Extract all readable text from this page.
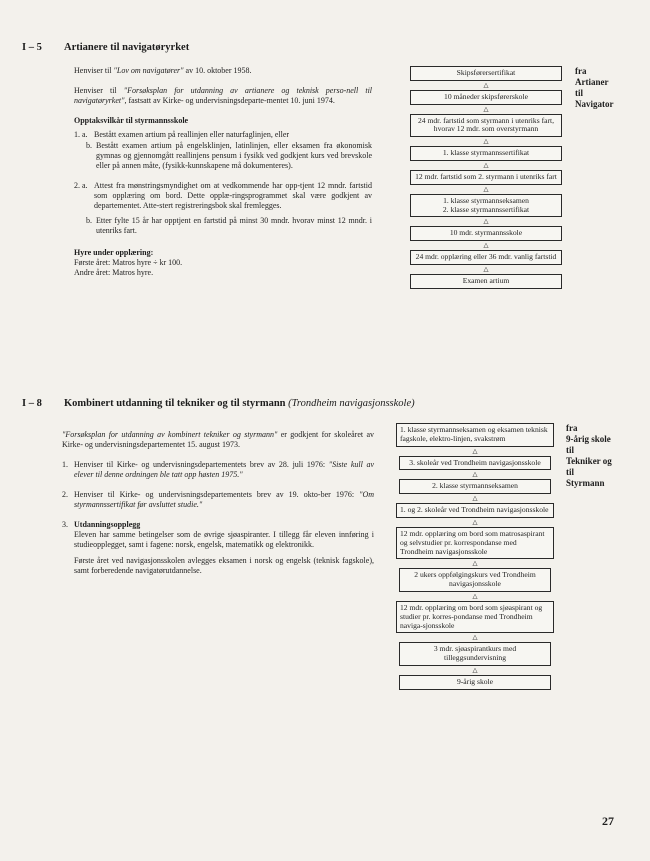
I – 5 Artianere til navigatøryrket

Henviser til "Lov om navigatører" av 10. oktober 1958.

Henviser til "Forsøksplan for utdanning av artianere og teknisk perso-nell til navigatøryrket", fastsatt av Kirke- og undervisningsdeparte-mentet 10. juni 1974.

Opptaksvilkår til styrmannsskole

1. a. Bestått examen artium på reallinjen eller naturfaglinjen, eller
b. Bestått examen artium på engelsklinjen, latinlinjen, eller eksamen fra økonomisk gymnas og gjennomgått reallinjens pensum i fysikk ved godkjent kurs ved brevskole eller på annen måte, (fysikk-kunnskapene må dokumenteres).
2. a. Attest fra mønstringsmyndighet om at vedkommende har opp-tjent 12 mndr. fartstid som opplæring om bord. Dette opplæ-ringsprogrammet skal være godkjent av departementet. Atte-stert registreringsbok skal fremlegges.
b. Etter fylte 15 år har opptjent en fartstid på minst 30 mndr. hvorav minst 12 mndr. i utenriks fart.

Hyre under opplæring:

Første året: Matros hyre ÷ kr 100.

Andre året: Matros hyre.

Skipsførersertifikat
△
10 måneder skipsførerskole
△
24 mdr. fartstid som styrmann i utenriks fart, hvorav 12 mdr. som overstyrmann
△
1. klasse styrmannssertifikat
△
12 mdr. fartstid som 2. styrmann i utenriks fart
△
1. klasse styrmannseksamen
2. klasse styrmannssertifikat
△
10 mdr. styrmannsskole
△
24 mdr. opplæring eller 36 mdr. vanlig fartstid
△
Examen artium
fra
Artianer
til
Navigator
I – 8 Kombinert utdanning til tekniker og til styrmann (Trondheim navigasjonsskole)

"Forsøksplan for utdanning av kombinert tekniker og styrmann" er godkjent for skoleåret av Kirke- og undervisningsdepartementet 15. august 1973.

1. Henviser til Kirke- og undervisningsdepartementets brev av 28. juli 1976: "Siste kull av elever til denne ordningen ble tatt opp høsten 1975."
2. Henviser til Kirke- og undervisningsdepartementets brev av 19. okto-ber 1976: "Om styrmannssertifikat før avsluttet studie."
3. Utdanningsopplegg
Eleven har samme betingelser som de øvrige sjøaspiranter. I tillegg får eleven innføring i studieopplegget, samt i fagene: norsk, engelsk, matematikk og elektronikk.
Første året ved navigasjonsskolen avlegges eksamen i norsk og engelsk (teknisk fagskole), samt forberedende navigatørutdannelse.
1. klasse styrmannseksamen og eksamen teknisk fagskole, elektro-linjen, svakstrøm
△
3. skoleår ved Trondheim navigasjonsskole
△
2. klasse styrmannseksamen
△
1. og 2. skoleår ved Trondheim navigasjonsskole
△
12 mdr. opplæring om bord som matrosaspirant og selvstudier pr. korrespondanse med Trondheim navigasjonsskole
△
2 ukers oppfølgingskurs ved Trondheim navigasjonsskole
△
12 mdr. opplæring om bord som sjøaspirant og studier pr. korres-pondanse med Trondheim naviga-sjonsskole
△
3 mdr. sjøaspirantkurs med tilleggsundervisning
△
9-årig skole
fra
9-årig skole
til
Tekniker og
til
Styrmann
27
